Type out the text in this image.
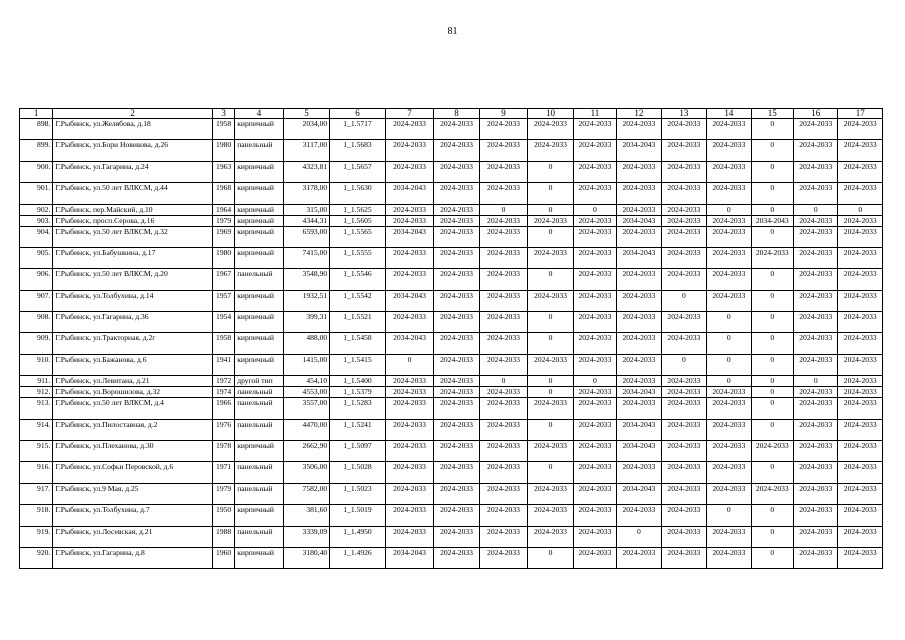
81
1	2	3	4	5	6	7	8	9	10	11	12	13	14	15	16	17
898.	Г.Рыбинск, ул.Желябова, д.18	1958	кирпичный	2034,00	1_1.5717	2024-2033	2024-2033	2024-2033	2024-2033	2024-2033	2024-2033	2024-2033	2024-2033	0	2024-2033	2024-2033
899.	Г.Рыбинск, ул.Бори Новикова, д.26	1980	панельный	3117,00	1_1.5683	2024-2033	2024-2033	2024-2033	2024-2033	2024-2033	2034-2043	2024-2033	2024-2033	0	2024-2033	2024-2033
900.	Г.Рыбинск, ул.Гагарина, д.24	1963	кирпичный	4323,81	1_1.5657	2024-2033	2024-2033	2024-2033	0	2024-2033	2024-2033	2024-2033	2024-2033	0	2024-2033	2024-2033
901.	Г.Рыбинск, ул.50 лет ВЛКСМ, д.44	1968	кирпичный	3178,00	1_1.5630	2034-2043	2024-2033	2024-2033	0	2024-2033	2024-2033	2024-2033	2024-2033	0	2024-2033	2024-2033
902.	Г.Рыбинск, пер.Майский, д.10	1964	кирпичный	315,00	1_1.5625	2024-2033	2024-2033	0	0	0	2024-2033	2024-2033	0	0	0	0
903.	Г.Рыбинск, просп.Серова, д.16	1979	кирпичный	4344,31	1_1.5605	2024-2033	2024-2033	2024-2033	2024-2033	2024-2033	2034-2043	2024-2033	2024-2033	2034-2043	2024-2033	2024-2033
904.	Г.Рыбинск, ул.50 лет ВЛКСМ, д.32	1969	кирпичный	6593,00	1_1.5565	2034-2043	2024-2033	2024-2033	0	2024-2033	2024-2033	2024-2033	2024-2033	0	2024-2033	2024-2033
905.	Г.Рыбинск, ул.Бабушкина, д.17	1980	кирпичный	7415,00	1_1.5555	2024-2033	2024-2033	2024-2033	2024-2033	2024-2033	2034-2043	2024-2033	2024-2033	2024-2033	2024-2033	2024-2033
906.	Г.Рыбинск, ул.50 лет ВЛКСМ, д.20	1967	панельный	3548,90	1_1.5546	2024-2033	2024-2033	2024-2033	0	2024-2033	2024-2033	2024-2033	2024-2033	0	2024-2033	2024-2033
907.	Г.Рыбинск, ул.Толбухина, д.14	1957	кирпичный	1932,51	1_1.5542	2034-2043	2024-2033	2024-2033	2024-2033	2024-2033	2024-2033	0	2024-2033	0	2024-2033	2024-2033
908.	Г.Рыбинск, ул.Гагарина, д.36	1954	кирпичный	399,31	1_1.5521	2024-2033	2024-2033	2024-2033	0	2024-2033	2024-2033	2024-2033	0	0	2024-2033	2024-2033
909.	Г.Рыбинск, ул.Тракторная, д.2г	1958	кирпичный	488,00	1_1.5458	2034-2043	2024-2033	2024-2033	0	2024-2033	2024-2033	2024-2033	0	0	2024-2033	2024-2033
910.	Г.Рыбинск, ул.Бажанова, д.6	1941	кирпичный	1415,00	1_1.5415	0	2024-2033	2024-2033	2024-2033	2024-2033	2024-2033	0	0	0	2024-2033	2024-2033
911.	Г.Рыбинск, ул.Левитана, д.21	1972	другой тип	454,10	1_1.5400	2024-2033	2024-2033	0	0	0	2024-2033	2024-2033	0	0	0	2024-2033
912.	Г.Рыбинск, ул.Ворошилова, д.32	1974	панельный	4553,00	1_1.5379	2024-2033	2024-2033	2024-2033	0	2024-2033	2034-2043	2024-2033	2024-2033	0	2024-2033	2024-2033
913.	Г.Рыбинск, ул.50 лет ВЛКСМ, д.4	1966	панельный	3557,00	1_1.5283	2024-2033	2024-2033	2024-2033	2024-2033	2024-2033	2024-2033	2024-2033	2024-2033	0	2024-2033	2024-2033
914.	Г.Рыбинск, ул.Пилоставная, д.2	1976	панельный	4470,00	1_1.5241	2024-2033	2024-2033	2024-2033	0	2024-2033	2034-2043	2024-2033	2024-2033	0	2024-2033	2024-2033
915.	Г.Рыбинск, ул.Плеханова, д.30	1978	кирпичный	2662,90	1_1.5097	2024-2033	2024-2033	2024-2033	2024-2033	2024-2033	2034-2043	2024-2033	2024-2033	2024-2033	2024-2033	2024-2033
916.	Г.Рыбинск, ул.Софьи Перовской, д.6	1971	панельный	3506,00	1_1.5028	2024-2033	2024-2033	2024-2033	0	2024-2033	2024-2033	2024-2033	2024-2033	0	2024-2033	2024-2033
917.	Г.Рыбинск, ул.9 Мая, д.25	1979	панельный	7582,00	1_1.5023	2024-2033	2024-2033	2024-2033	2024-2033	2024-2033	2034-2043	2024-2033	2024-2033	2024-2033	2024-2033	2024-2033
918.	Г.Рыбинск, ул.Толбухина, д.7	1950	кирпичный	381,60	1_1.5019	2024-2033	2024-2033	2024-2033	2024-2033	2024-2033	2024-2033	2024-2033	0	0	2024-2033	2024-2033
919.	Г.Рыбинск, ул.Лосевская, д.21	1988	панельный	3339,09	1_1.4950	2024-2033	2024-2033	2024-2033	2024-2033	2024-2033	0	2024-2033	2024-2033	0	2024-2033	2024-2033
920.	Г.Рыбинск, ул.Гагарина, д.8	1960	кирпичный	3180,40	1_1.4926	2034-2043	2024-2033	2024-2033	0	2024-2033	2024-2033	2024-2033	2024-2033	0	2024-2033	2024-2033
